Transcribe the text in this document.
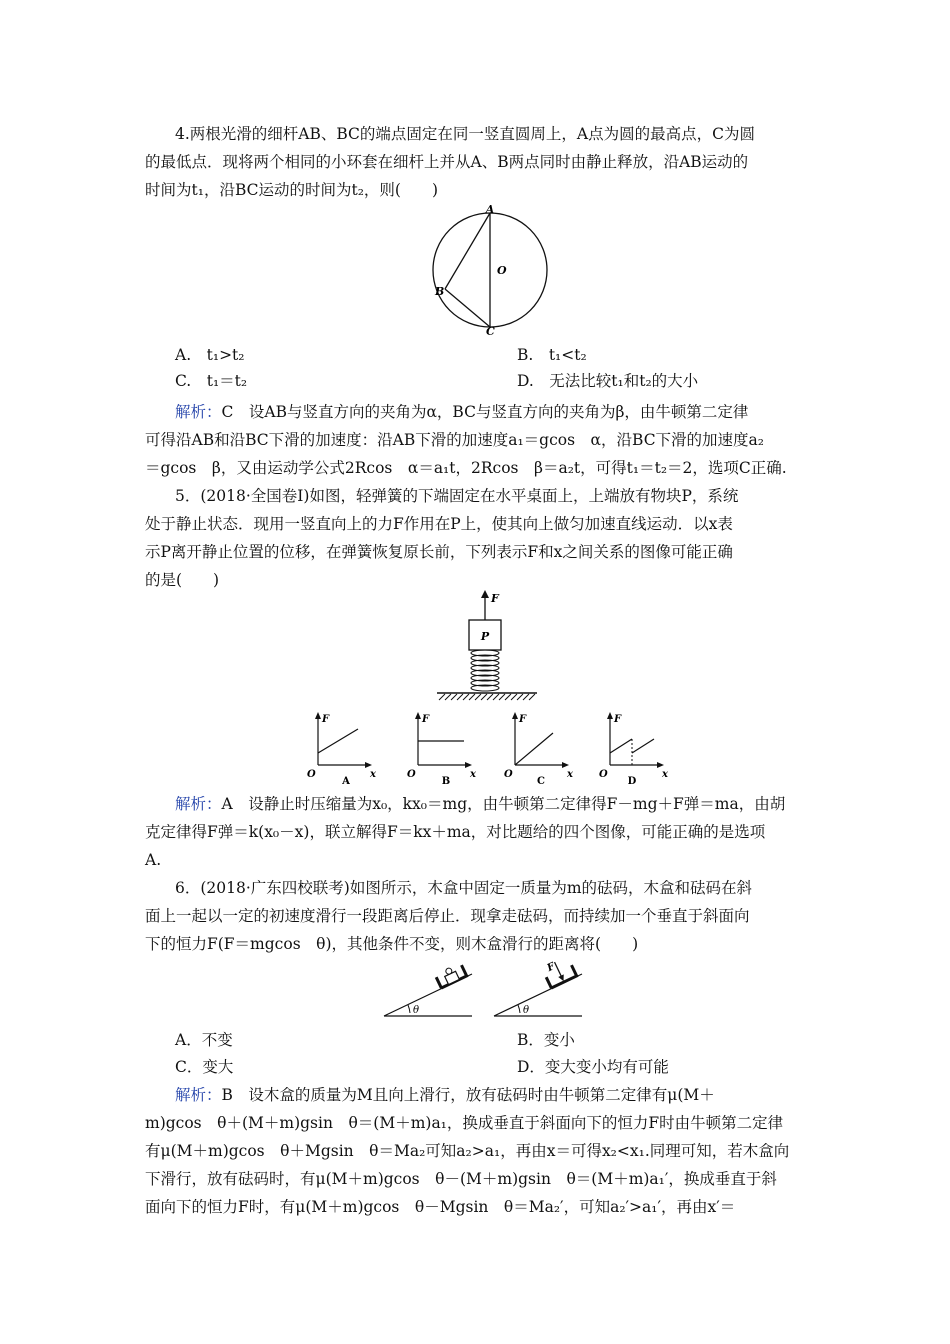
4.两根光滑的细杆AB、BC的端点固定在同一竖直圆周上，A点为圆的最高点，C为圆
的最低点．现将两个相同的小环套在细杆上并从A、B两点同时由静止释放，沿AB运动的
时间为t₁，沿BC运动的时间为t₂，则(　　)
A
B
C
O
A.　t₁>t₂	B.　t₁<t₂
C.　t₁＝t₂	D.　无法比较t₁和t₂的大小
解析：C　设AB与竖直方向的夹角为α，BC与竖直方向的夹角为β，由牛顿第二定律
可得沿AB和沿BC下滑的加速度：沿AB下滑的加速度a₁＝gcos　α，沿BC下滑的加速度a₂
＝gcos　β，又由运动学公式2Rcos　α＝a₁t，2Rcos　β＝a₂t，可得t₁＝t₂＝2，选项C正确.
5．(2018·全国卷Ⅰ)如图，轻弹簧的下端固定在水平桌面上，上端放有物块P，系统
处于静止状态．现用一竖直向上的力F作用在P上，使其向上做匀加速直线运动．以x表
示P离开静止位置的位移，在弹簧恢复原长前，下列表示F和x之间关系的图像可能正确
的是(　　)
F
P
F
O	x
A
F
O	x
B
F
O	x
C
F
O	x
D
解析：A　设静止时压缩量为x₀，kx₀＝mg，由牛顿第二定律得F－mg＋F弹＝ma，由胡
克定律得F弹＝k(x₀－x)，联立解得F＝kx＋ma，对比题给的四个图像，可能正确的是选项
A.
6．(2018·广东四校联考)如图所示，木盒中固定一质量为m的砝码，木盒和砝码在斜
面上一起以一定的初速度滑行一段距离后停止．现拿走砝码，而持续加一个垂直于斜面向
下的恒力F(F＝mgcos　θ)，其他条件不变，则木盒滑行的距离将(　　)
θ	θ
F
A．不变	B．变小
C．变大	D．变大变小均有可能
解析：B　设木盒的质量为M且向上滑行，放有砝码时由牛顿第二定律有μ(M＋
m)gcos　θ＋(M＋m)gsin　θ＝(M＋m)a₁，换成垂直于斜面向下的恒力F时由牛顿第二定律
有μ(M＋m)gcos　θ＋Mgsin　θ＝Ma₂可知a₂>a₁，再由x＝可得x₂<x₁.同理可知，若木盒向
下滑行，放有砝码时，有μ(M＋m)gcos　θ－(M＋m)gsin　θ＝(M＋m)a₁′，换成垂直于斜
面向下的恒力F时，有μ(M＋m)gcos　θ－Mgsin　θ＝Ma₂′，可知a₂′>a₁′，再由x′＝
